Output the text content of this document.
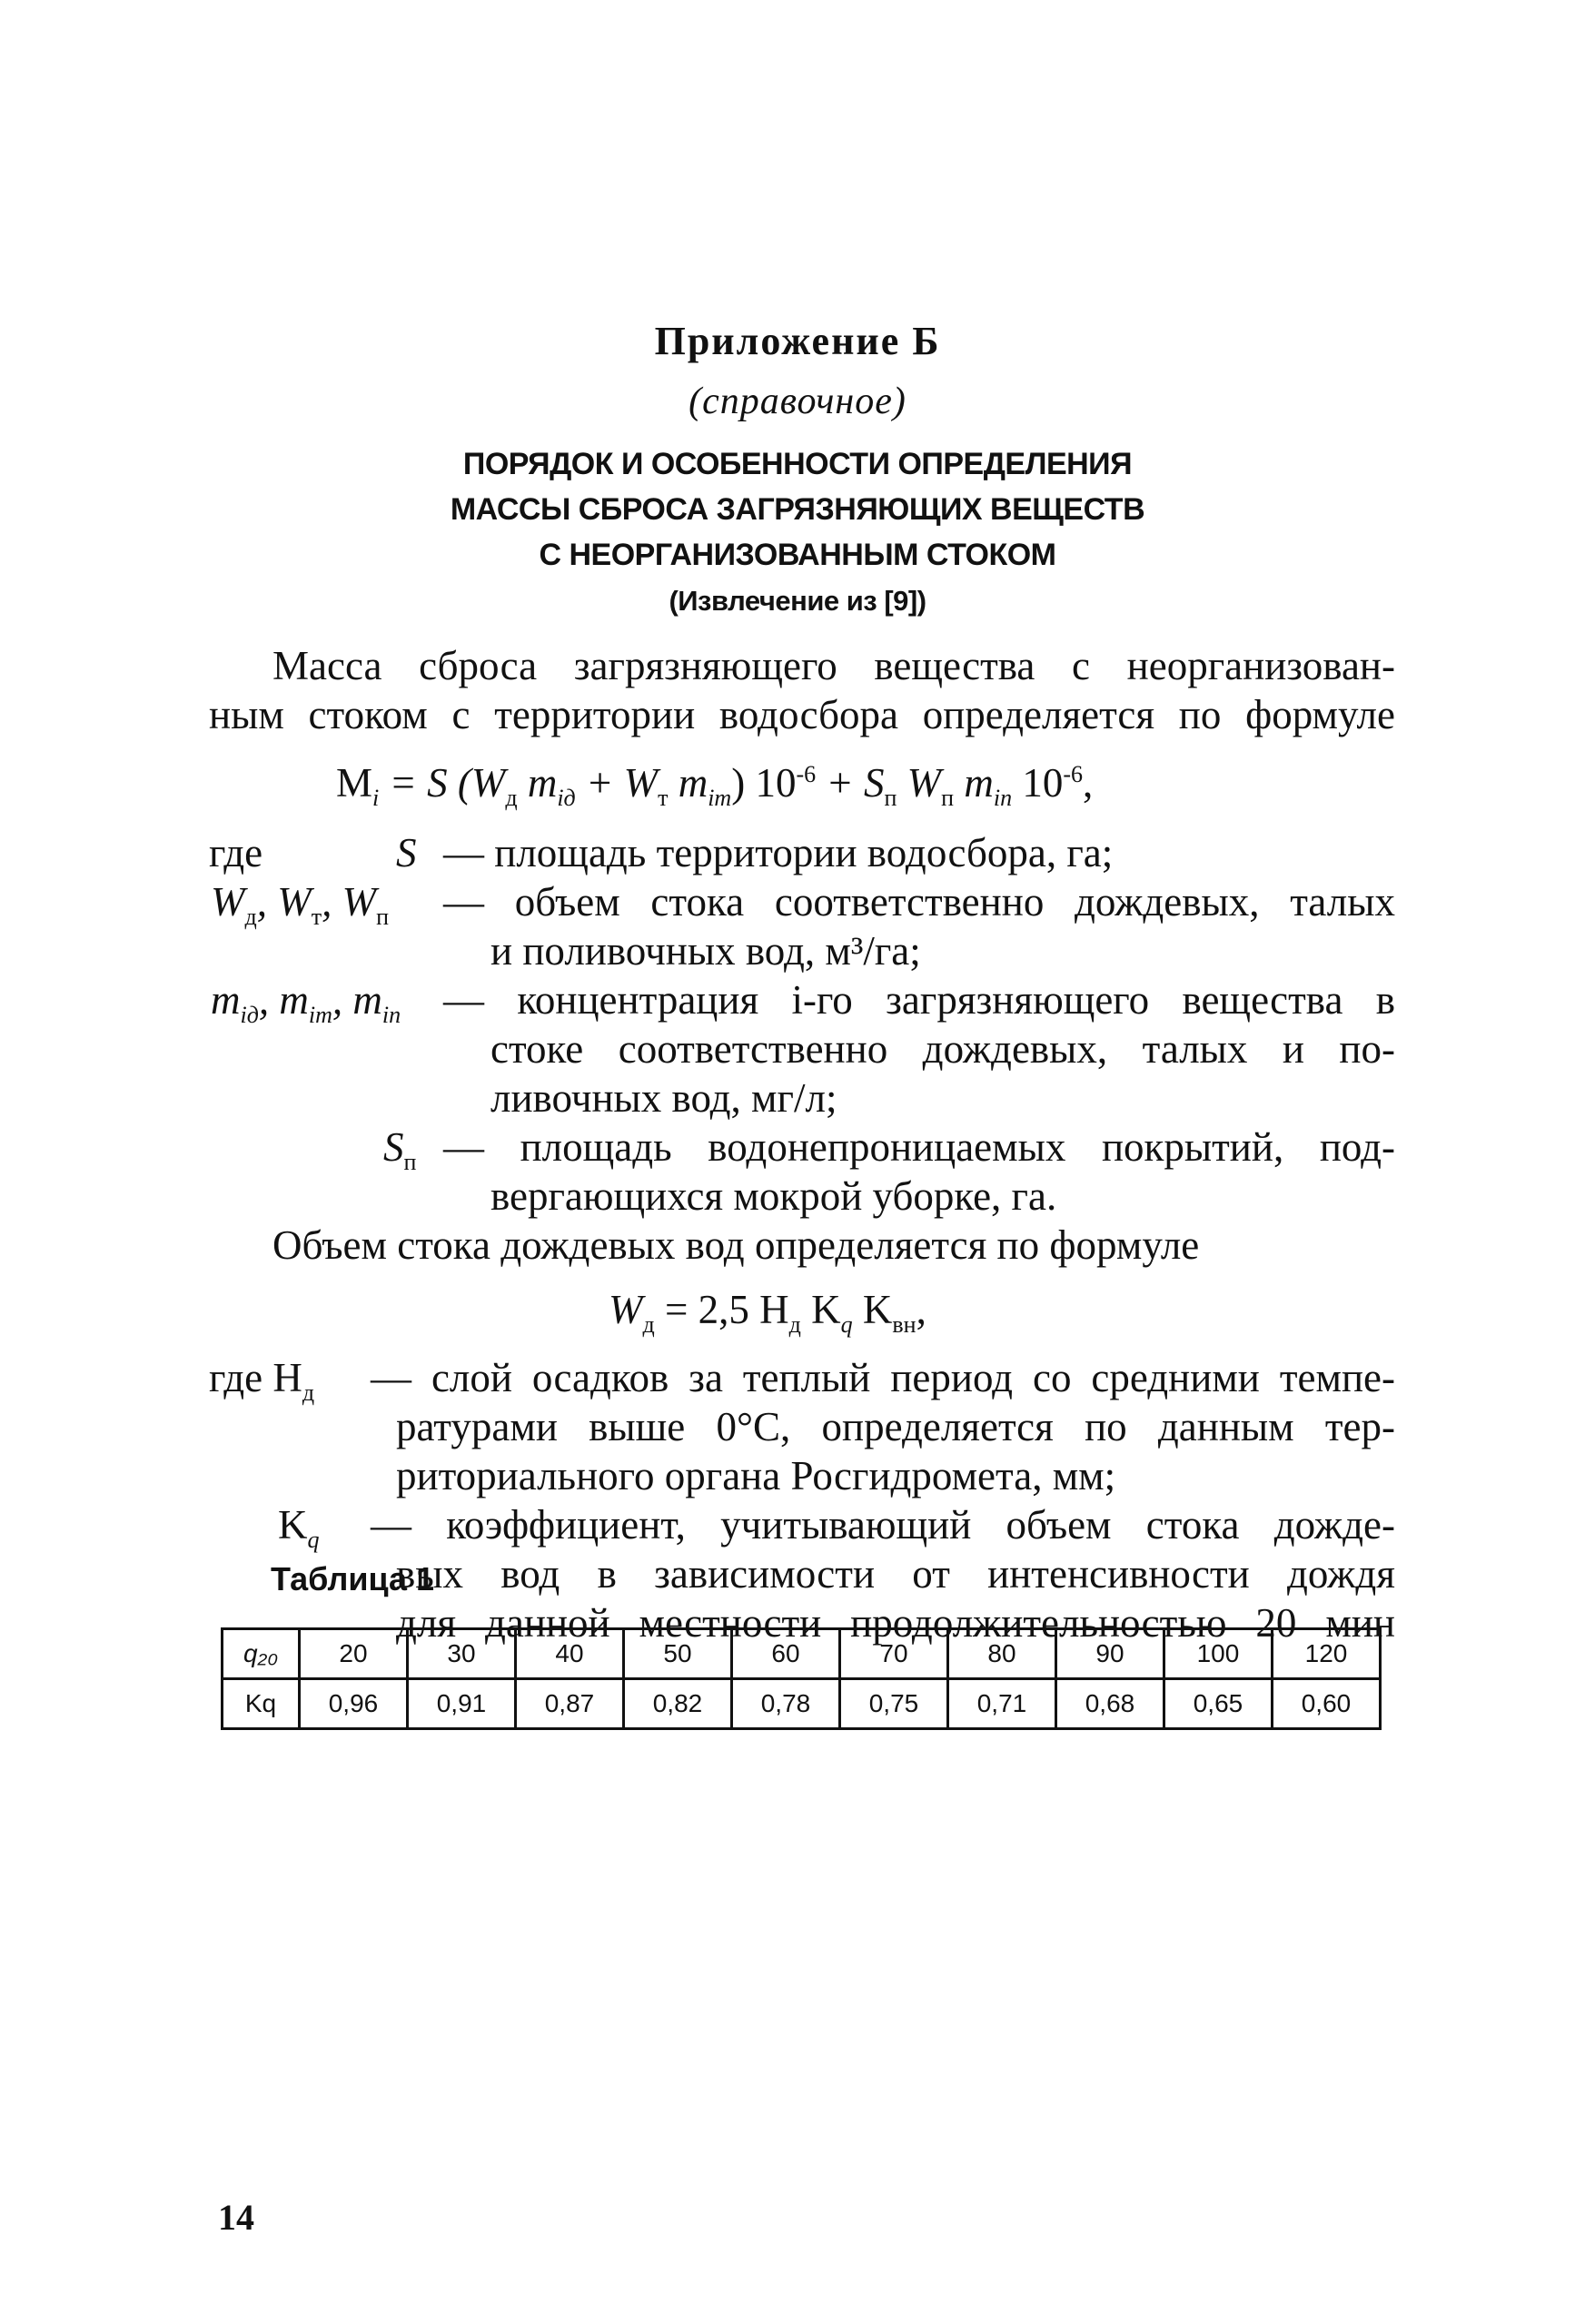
Приложение Б
(справочное)
ПОРЯДОК И ОСОБЕННОСТИ ОПРЕДЕЛЕНИЯ
МАССЫ СБРОСА ЗАГРЯЗНЯЮЩИХ ВЕЩЕСТВ
С НЕОРГАНИЗОВАННЫМ СТОКОМ
(Извлечение из [9])
Масса сброса загрязняющего вещества с неорганизован-
ным стоком с территории водосбора определяется по формуле
$M_i = S$ ($W_д$ $m_{iд} + W_т$ $m_{iт}$) $10^{-6} + S_п$ $W_п$ $m_{iп}$ $10^{-6}$,
где	S — площадь территории водосбора, га;
$W_д$, $W_т$, $W_п$ — объем стока соответственно дождевых, талых
и поливочных вод, м³/га;
$m_{iд}$, $m_{iт}$, $m_{iп}$ — концентрация i-го загрязняющего вещества в
стоке соответственно дождевых, талых и по-
ливочных вод, мг/л;
$S_п$ — площадь водонепроницаемых покрытий, под-
вергающихся мокрой уборке, га.
Объем стока дождевых вод определяется по формуле
$W_д = 2,5$ $H_д$ $K_q$ $K_{вн}$,
где $H_д$ — слой осадков за теплый период со средними темпе-
ратурами выше 0°С, определяется по данным тер-
риториального органа Росгидромета, мм;
$K_q$ — коэффициент, учитывающий объем стока дожде-
вых вод в зависимости от интенсивности дождя
для данной местности продолжительностью 20 мин
Таблица 1
q₂₀	20	30	40	50	60	70	80	90	100	120
Kq	0,96	0,91	0,87	0,82	0,78	0,75	0,71	0,68	0,65	0,60
14
